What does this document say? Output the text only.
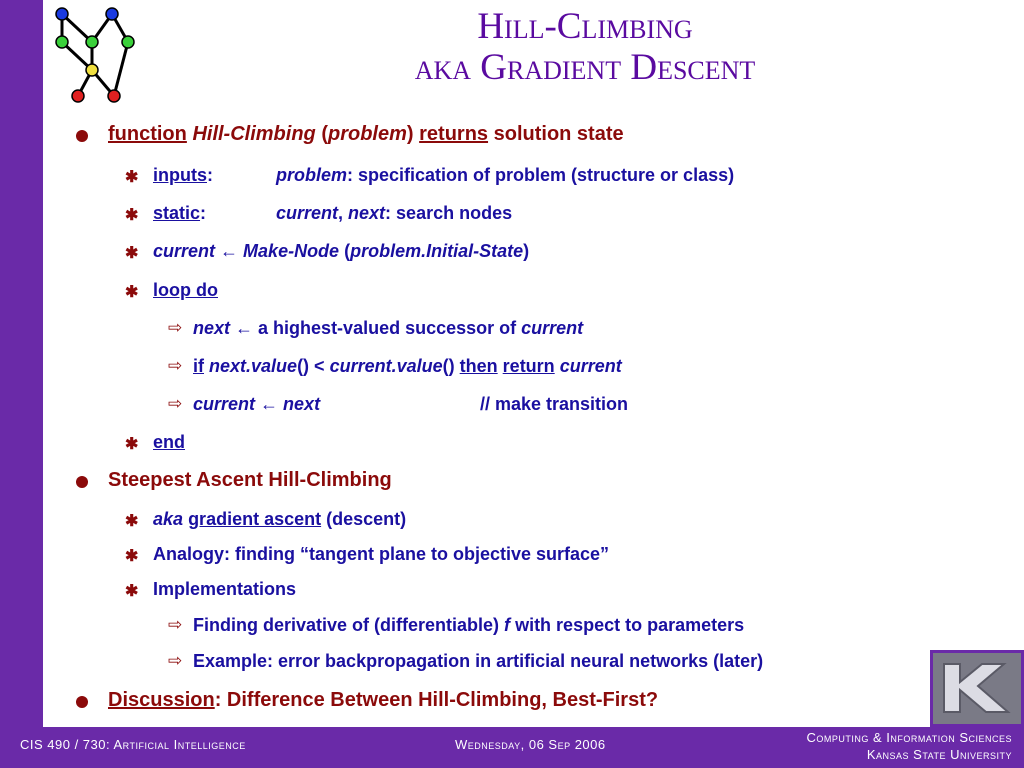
Hill-Climbing
aka Gradient Descent
function Hill-Climbing (problem) returns solution state
✱ inputs:	problem: specification of problem (structure or class)
✱ static:	current, next: search nodes
✱ current ← Make-Node (problem.Initial-State)
✱ loop do
⇨ next ← a highest-valued successor of current
⇨ if next.value() < current.value() then return current
⇨ current ← next	// make transition
✱ end
Steepest Ascent Hill-Climbing
✱ aka gradient ascent (descent)
✱ Analogy: finding “tangent plane to objective surface”
✱ Implementations
⇨ Finding derivative of (differentiable) f with respect to parameters
⇨ Example: error backpropagation in artificial neural networks (later)
Discussion: Difference Between Hill-Climbing, Best-First?
CIS 490 / 730: Artificial Intelligence	Wednesday, 06 Sep 2006	Computing & Information Sciences
Kansas State University
